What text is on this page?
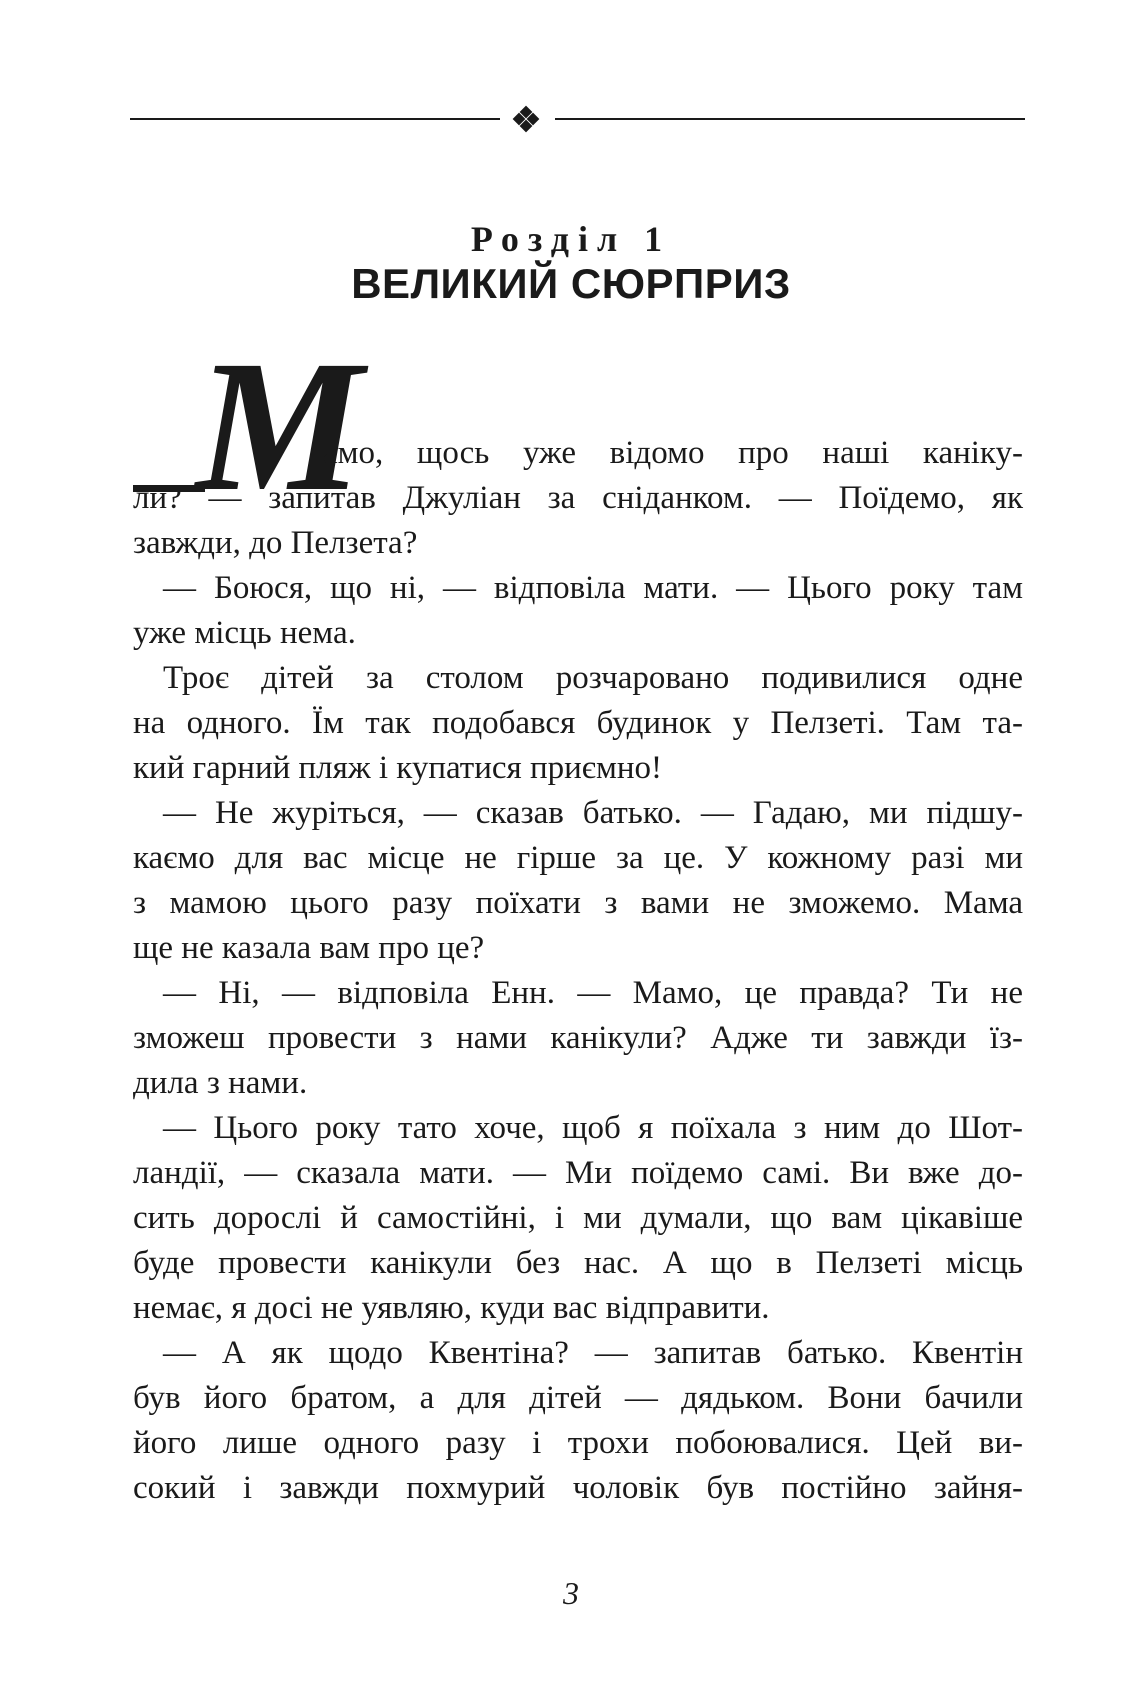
Розділ 1
ВЕЛИКИЙ СЮРПРИЗ
М
амо, щось уже відомо про наші каніку-
ли? — запитав Джуліан за сніданком. — Поїдемо, як
завжди, до Пелзета?
— Боюся, що ні, — відповіла мати. — Цього року там
уже місць нема.
Троє дітей за столом розчаровано подивилися одне
на одного. Їм так подобався будинок у Пелзеті. Там та-
кий гарний пляж і купатися приємно!
— Не журіться, — сказав батько. — Гадаю, ми підшу-
каємо для вас місце не гірше за це. У кожному разі ми
з мамою цього разу поїхати з вами не зможемо. Мама
ще не казала вам про це?
— Ні, — відповіла Енн. — Мамо, це правда? Ти не
зможеш провести з нами канікули? Адже ти завжди їз-
дила з нами.
— Цього року тато хоче, щоб я поїхала з ним до Шот-
ландії, — сказала мати. — Ми поїдемо самі. Ви вже до-
сить дорослі й самостійні, і ми думали, що вам цікавіше
буде провести канікули без нас. А що в Пелзеті місць
немає, я досі не уявляю, куди вас відправити.
— А як щодо Квентіна? — запитав батько. Квентін
був його братом, а для дітей — дядьком. Вони бачили
його лише одного разу і трохи побоювалися. Цей ви-
сокий і завжди похмурий чоловік був постійно зайня-
3
